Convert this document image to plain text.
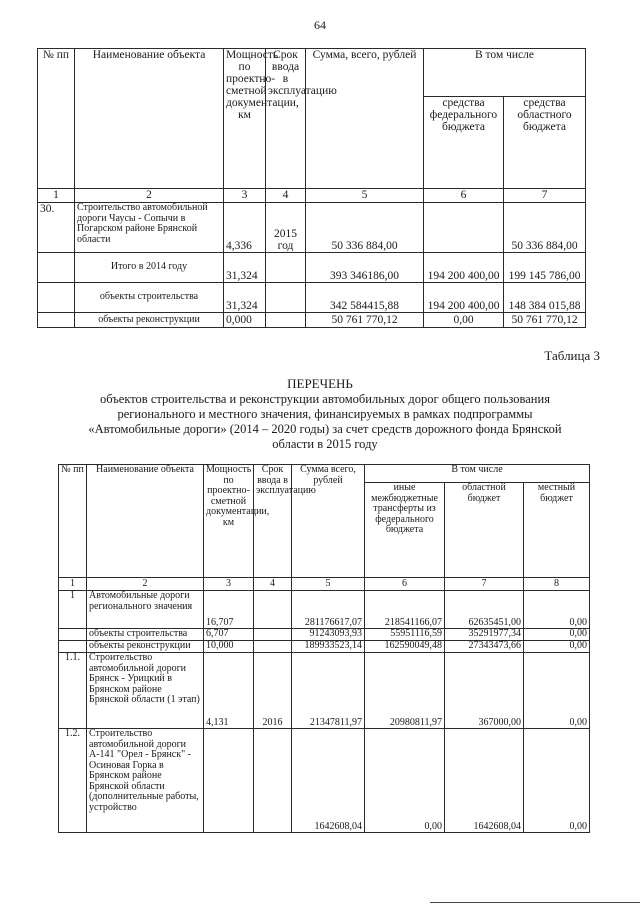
64
№ пп	Наименование объекта	Мощность по проектно-сметной документации, км	Срок ввода в эксплуатацию	Сумма, всего, рублей	В том числе	
					средства федерального бюджета	средства областного бюджета
1	2	3	4	5	6	7
30.	Строительство автомобильной дороги Чаусы - Сопычи в Погарском районе Брянской области	4,336	2015 год	50 336 884,00		50 336 884,00
	Итого в 2014 году	31,324		393 346186,00	194 200 400,00	199 145 786,00
	объекты строительства	31,324		342 584415,88	194 200 400,00	148 384 015,88
	объекты реконструкции	0,000		50 761 770,12	0,00	50 761 770,12
Таблица 3
ПЕРЕЧЕНЬ
объектов строительства и реконструкции автомобильных дорог общего пользования регионального и местного значения, финансируемых в рамках подпрограммы «Автомобильные дороги» (2014 – 2020 годы) за счет средств дорожного фонда Брянской области в 2015 году
№ пп	Наименование объекта	Мощность по проектно-сметной документации, км	Срок ввода в эксплуатацию	Сумма всего, рублей	В том числе		
					иные межбюджетные трансферты из федерального бюджета	областной бюджет	местный бюджет
1	2	3	4	5	6	7	8
1	Автомобильные дороги регионального значения	16,707		281176617,07	218541166,07	62635451,00	0,00
	объекты строительства	6,707		91243093,93	55951116,59	35291977,34	0,00
	объекты реконструкции	10,000		189933523,14	162590049,48	27343473,66	0,00
1.1.	Строительство автомобильной дороги Брянск - Урицкий в Брянском районе Брянской области (1 этап)	4,131	2016	21347811,97	20980811,97	367000,00	0,00
1.2.	Строительство автомобильной дороги А-141 "Орел - Брянск" - Осиновая Горка в Брянском районе Брянской области (дополнительные работы, устройство			1642608,04	0,00	1642608,04	0,00
